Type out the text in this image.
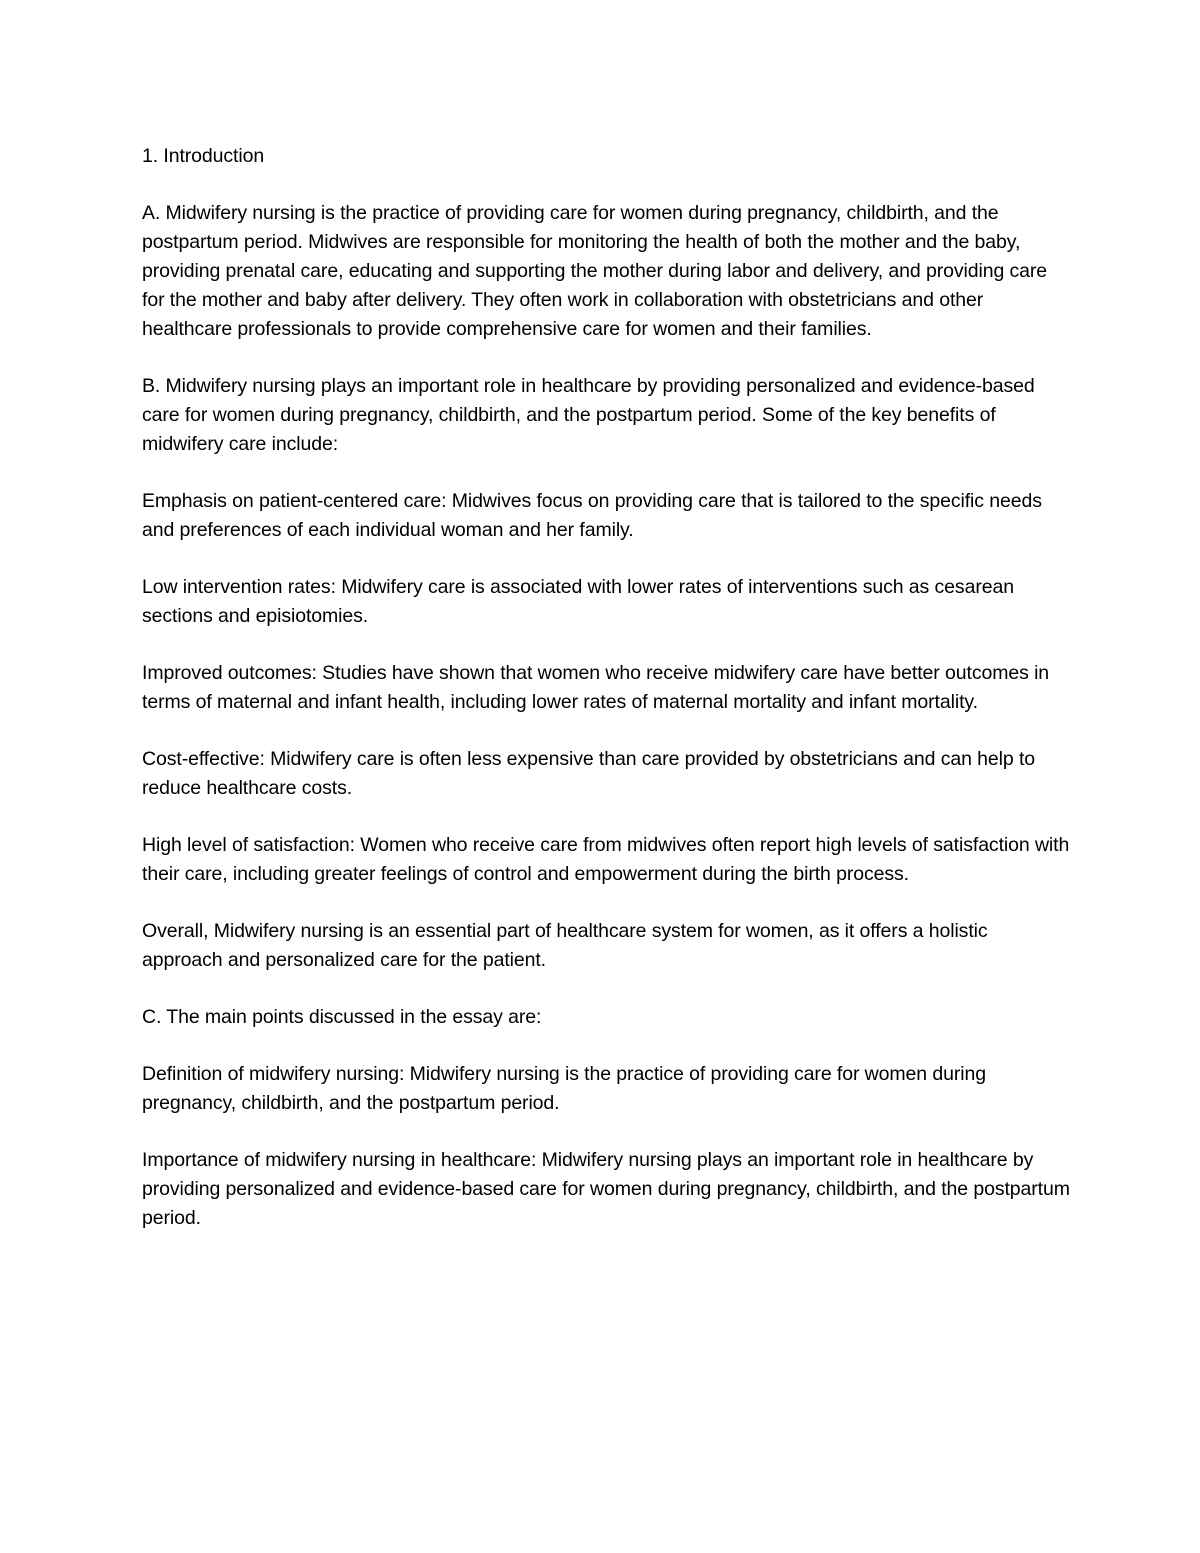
1. Introduction

A. Midwifery nursing is the practice of providing care for women during pregnancy, childbirth, and the postpartum period. Midwives are responsible for monitoring the health of both the mother and the baby, providing prenatal care, educating and supporting the mother during labor and delivery, and providing care for the mother and baby after delivery. They often work in collaboration with obstetricians and other healthcare professionals to provide comprehensive care for women and their families.

B. Midwifery nursing plays an important role in healthcare by providing personalized and evidence-based care for women during pregnancy, childbirth, and the postpartum period. Some of the key benefits of midwifery care include:

Emphasis on patient-centered care: Midwives focus on providing care that is tailored to the specific needs and preferences of each individual woman and her family.

Low intervention rates: Midwifery care is associated with lower rates of interventions such as cesarean sections and episiotomies.

Improved outcomes: Studies have shown that women who receive midwifery care have better outcomes in terms of maternal and infant health, including lower rates of maternal mortality and infant mortality.

Cost-effective: Midwifery care is often less expensive than care provided by obstetricians and can help to reduce healthcare costs.

High level of satisfaction: Women who receive care from midwives often report high levels of satisfaction with their care, including greater feelings of control and empowerment during the birth process.

Overall, Midwifery nursing is an essential part of healthcare system for women, as it offers a holistic approach and personalized care for the patient.

C. The main points discussed in the essay are:

Definition of midwifery nursing: Midwifery nursing is the practice of providing care for women during pregnancy, childbirth, and the postpartum period.

Importance of midwifery nursing in healthcare: Midwifery nursing plays an important role in healthcare by providing personalized and evidence-based care for women during pregnancy, childbirth, and the postpartum period.
